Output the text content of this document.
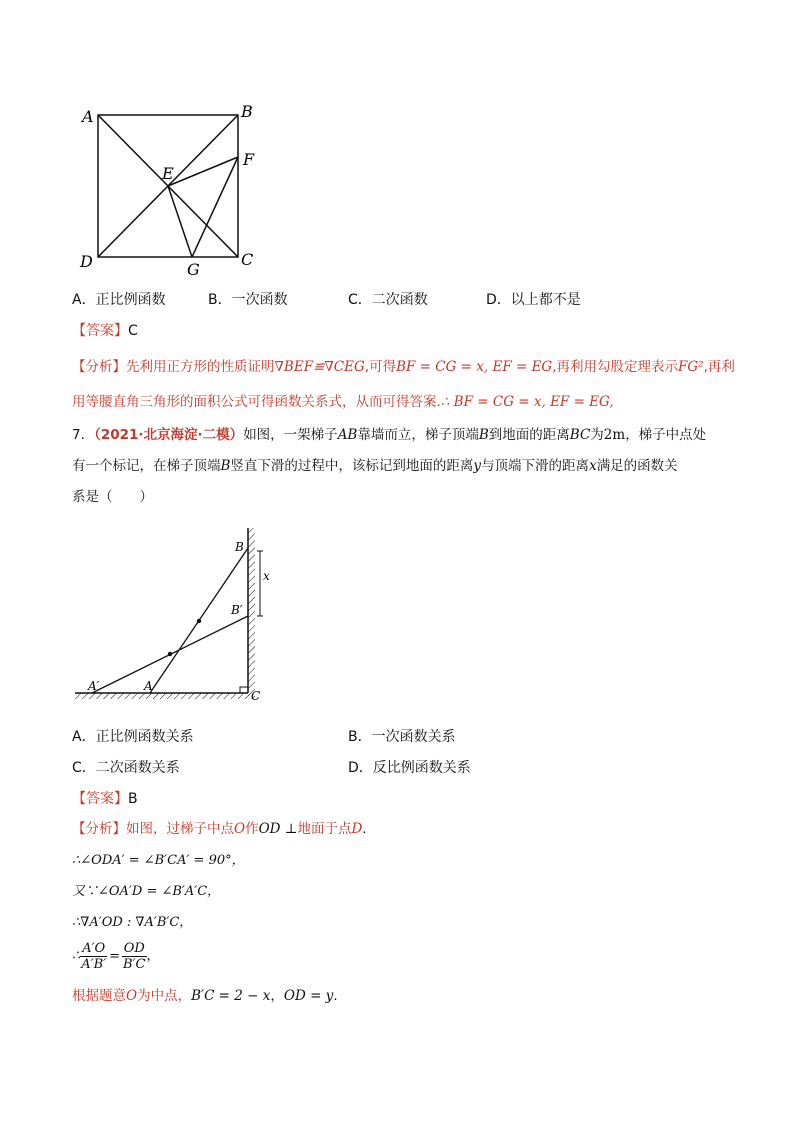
A	B
C
D
E
F
G
A．正比例函数	B．一次函数	C．二次函数	D．以上都不是
【答案】C
【分析】先利用正方形的性质证明∇BEF≌∇CEG,可得BF = CG = x, EF = EG,再利用勾股定理表示FG²,再利
用等腰直角三角形的面积公式可得函数关系式，从而可得答案.∴ BF = CG = x, EF = EG,
7．（2021·北京海淀·二模）如图，一架梯子AB靠墙而立，梯子顶端B到地面的距离BC为2m，梯子中点处
有一个标记，在梯子顶端B竖直下滑的过程中，该标记到地面的距离y与顶端下滑的距离x满足的函数关
系是（　　）
x
B
B′
A′	A
C
A．正比例函数关系	B．一次函数关系
C．二次函数关系	D．反比例函数关系
【答案】B
【分析】如图，过梯子中点O作OD ⊥地面于点D.
∴∠ODA′ = ∠B′CA′ = 90°，
又∵∠OA′D = ∠B′A′C，
∴∇A′OD : ∇A′B′C，
∴ $\frac{A'O}{A'B'} = \frac{OD}{B'C}$ ，
根据题意O为中点，B′C = 2 − x，OD = y．
